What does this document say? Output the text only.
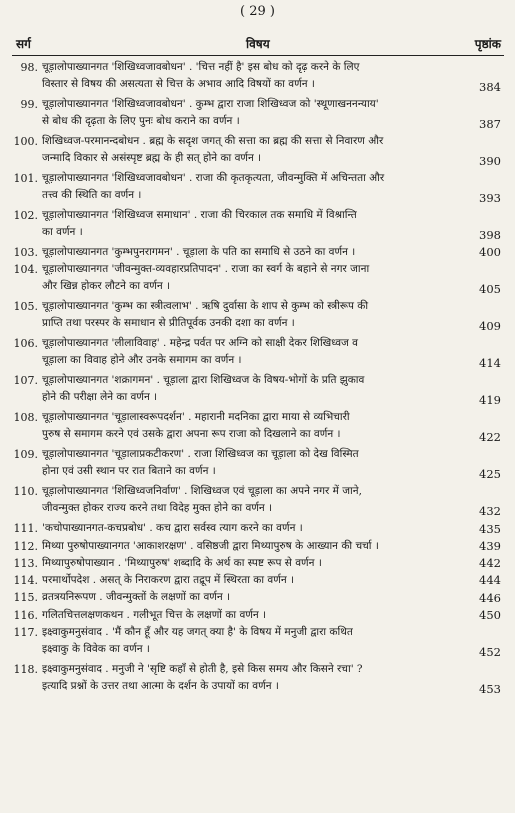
( 29 )
सर्ग	विषय	पृष्ठांक
98. चूड़ालोपाख्यानगत 'शिखिध्वजावबोधन' . 'चित्त नहीं है' इस बोध को दृढ़ करने के लिए
विस्तार से विषय की असत्यता से चित्त के अभाव आदि विषयों का वर्णन ।	384
99. चूड़ालोपाख्यानगत 'शिखिध्वजावबोधन' . कुम्भ द्वारा राजा शिखिध्वज को 'स्थूणाखननन्याय'
से बोध की दृढ़ता के लिए पुनः बोध कराने का वर्णन ।	387
100. शिखिध्वज-परमानन्दबोधन . ब्रह्म के सदृश जगत् की सत्ता का ब्रह्म की सत्ता से निवारण और
जन्मादि विकार से असंस्पृष्ट ब्रह्म के ही सत् होने का वर्णन ।	390
101. चूड़ालोपाख्यानगत 'शिखिध्वजावबोधन' . राजा की कृतकृत्यता, जीवन्मुक्ति में अचिन्तता और
तत्त्व की स्थिति का वर्णन ।	393
102. चूड़ालोपाख्यानगत 'शिखिध्वज समाधान' . राजा की चिरकाल तक समाधि में विश्रान्ति
का वर्णन ।	398
103. चूड़ालोपाख्यानगत 'कुम्भपुनरागमन' . चूड़ाला के पति का समाधि से उठने का वर्णन ।	400
104. चूड़ालोपाख्यानगत 'जीवन्मुक्त-व्यवहारप्रतिपादन' . राजा का स्वर्ग के बहाने से नगर जाना
और खिन्न होकर लौटने का वर्णन ।	405
105. चूड़ालोपाख्यानगत 'कुम्भ का स्त्रीत्वलाभ' . ऋषि दुर्वासा के शाप से कुम्भ को स्त्रीरूप की
प्राप्ति तथा परस्पर के समाधान से प्रीतिपूर्वक उनकी दशा का वर्णन ।	409
106. चूड़ालोपाख्यानगत 'लीलाविवाह' . महेन्द्र पर्वत पर अग्नि को साक्षी देकर शिखिध्वज व
चूड़ाला का विवाह होने और उनके समागम का वर्णन ।	414
107. चूड़ालोपाख्यानगत 'शक्रागमन' . चूड़ाला द्वारा शिखिध्वज के विषय-भोगों के प्रति झुकाव
होने की परीक्षा लेने का वर्णन ।	419
108. चूड़ालोपाख्यानगत 'चूड़ालास्वरूपदर्शन' . महारानी मदनिका द्वारा माया से व्यभिचारी
पुरुष से समागम करने एवं उसके द्वारा अपना रूप राजा को दिखलाने का वर्णन ।	422
109. चूड़ालोपाख्यानगत 'चूड़ालाप्रकटीकरण' . राजा शिखिध्वज का चूड़ाला को देख विस्मित
होना एवं उसी स्थान पर रात बिताने का वर्णन ।	425
110. चूड़ालोपाख्यानगत 'शिखिध्वजनिर्वाण' . शिखिध्वज एवं चूड़ाला का अपने नगर में जाने,
जीवन्मुक्त होकर राज्य करने तथा विदेह मुक्त होने का वर्णन ।	432
111. 'कचोपाख्यानगत-कचप्रबोध' . कच द्वारा सर्वस्व त्याग करने का वर्णन ।	435
112. मिथ्या पुरुषोपाख्यानगत 'आकाशरक्षण' . वसिष्ठजी द्वारा मिथ्यापुरुष के आख्यान की चर्चा ।	439
113. मिथ्यापुरुषोपाख्यान . 'मिथ्यापुरुष' शब्दादि के अर्थ का स्पष्ट रूप से वर्णन ।	442
114. परमार्थोपदेश . असत् के निराकरण द्वारा तद्रूप में स्थिरता का वर्णन ।	444
115. व्रतत्रयनिरूपण . जीवन्मुक्तों के लक्षणों का वर्णन ।	446
116. गलितचित्तलक्षणकथन . गलीभूत चित्त के लक्षणों का वर्णन ।	450
117. इक्ष्वाकुमनुसंवाद . 'मैं कौन हूँ और यह जगत् क्या है' के विषय में मनुजी द्वारा कथित
इक्ष्वाकु के विवेक का वर्णन ।	452
118. इक्ष्वाकुमनुसंवाद . मनुजी ने 'सृष्टि कहाँ से होती है, इसे किस समय और किसने रचा' ?
इत्यादि प्रश्नों के उत्तर तथा आत्मा के दर्शन के उपायों का वर्णन ।	453
